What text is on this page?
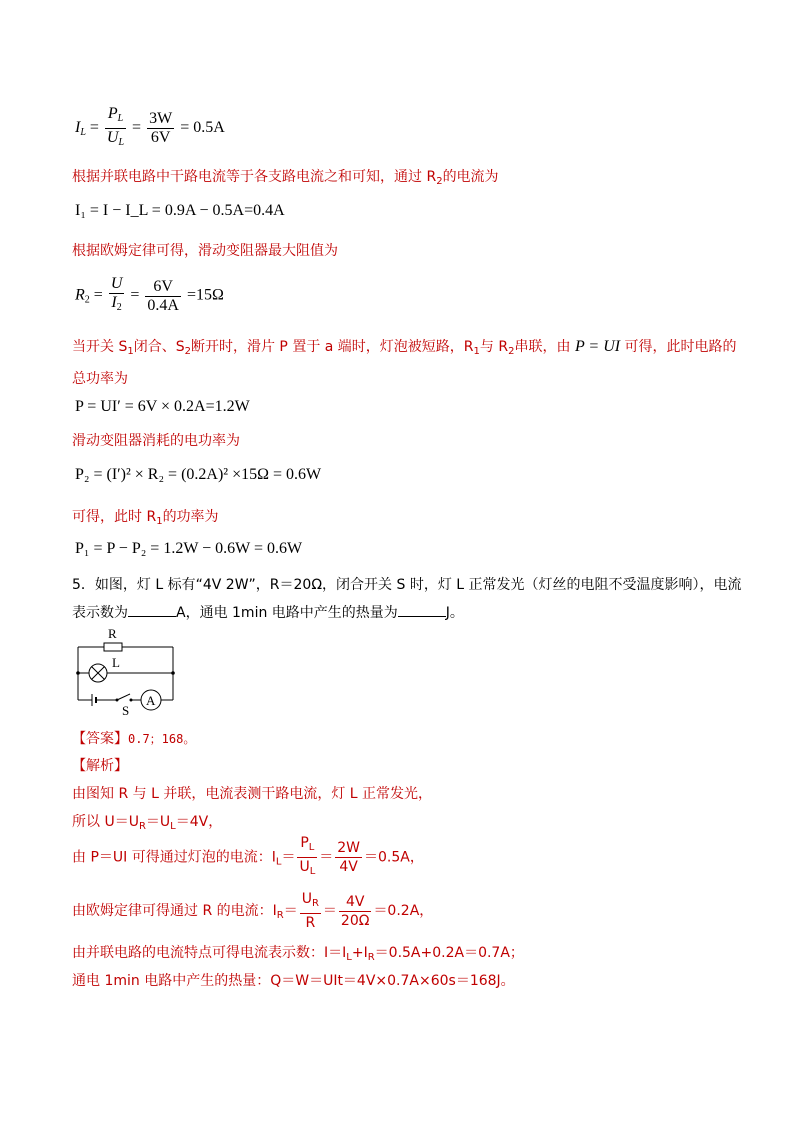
$I_L = \frac{P_L}{U_L} = \frac{3W}{6V} = 0.5A$
根据并联电路中干路电流等于各支路电流之和可知，通过 $R_2$的电流为
I₁ = I − I_L = 0.9A − 0.5A=0.4A
根据欧姆定律可得，滑动变阻器最大阻值为
$R_2 = \frac{U}{I_2} = \frac{6V}{0.4A} =15\Omega$
当开关 $S_1$闭合、$S_2$断开时，滑片 P 置于 a 端时，灯泡被短路，$R_1$与 $R_2$串联，由 P = UI 可得，此时电路的
总功率为
P = UI′ = 6V × 0.2A=1.2W
滑动变阻器消耗的电功率为
P₂ = (I′)² × R₂ = (0.2A)² ×15Ω = 0.6W
可得，此时 $R_1$的功率为
P₁ = P − P₂ = 1.2W − 0.6W = 0.6W
5．如图，灯 L 标有“4V 2W”，R＝20Ω，闭合开关 S 时，灯 L 正常发光（灯丝的电阻不受温度影响），电流
表示数为	A，通电 1min 电路中产生的热量为	J。
R
L
S
A
【答案】0.7；168。
【解析】
由图知 R 与 L 并联，电流表测干路电流，灯 L 正常发光，
所以 $U=U_R=U_L=4V$，
由 P＝UI 可得通过灯泡的电流：$I_L= \frac{P_L}{U_L} = \frac{2W}{4V} =0.5A$，
由欧姆定律可得通过 R 的电流：$I_R= \frac{U_R}{R} = \frac{4V}{20\Omega} =0.2A$，
由并联电路的电流特点可得电流表示数：$I=I_L+I_R=0.5A+0.2A=0.7A$；
通电 1min 电路中产生的热量：Q＝W＝UIt＝4V×0.7A×60s＝168J。
